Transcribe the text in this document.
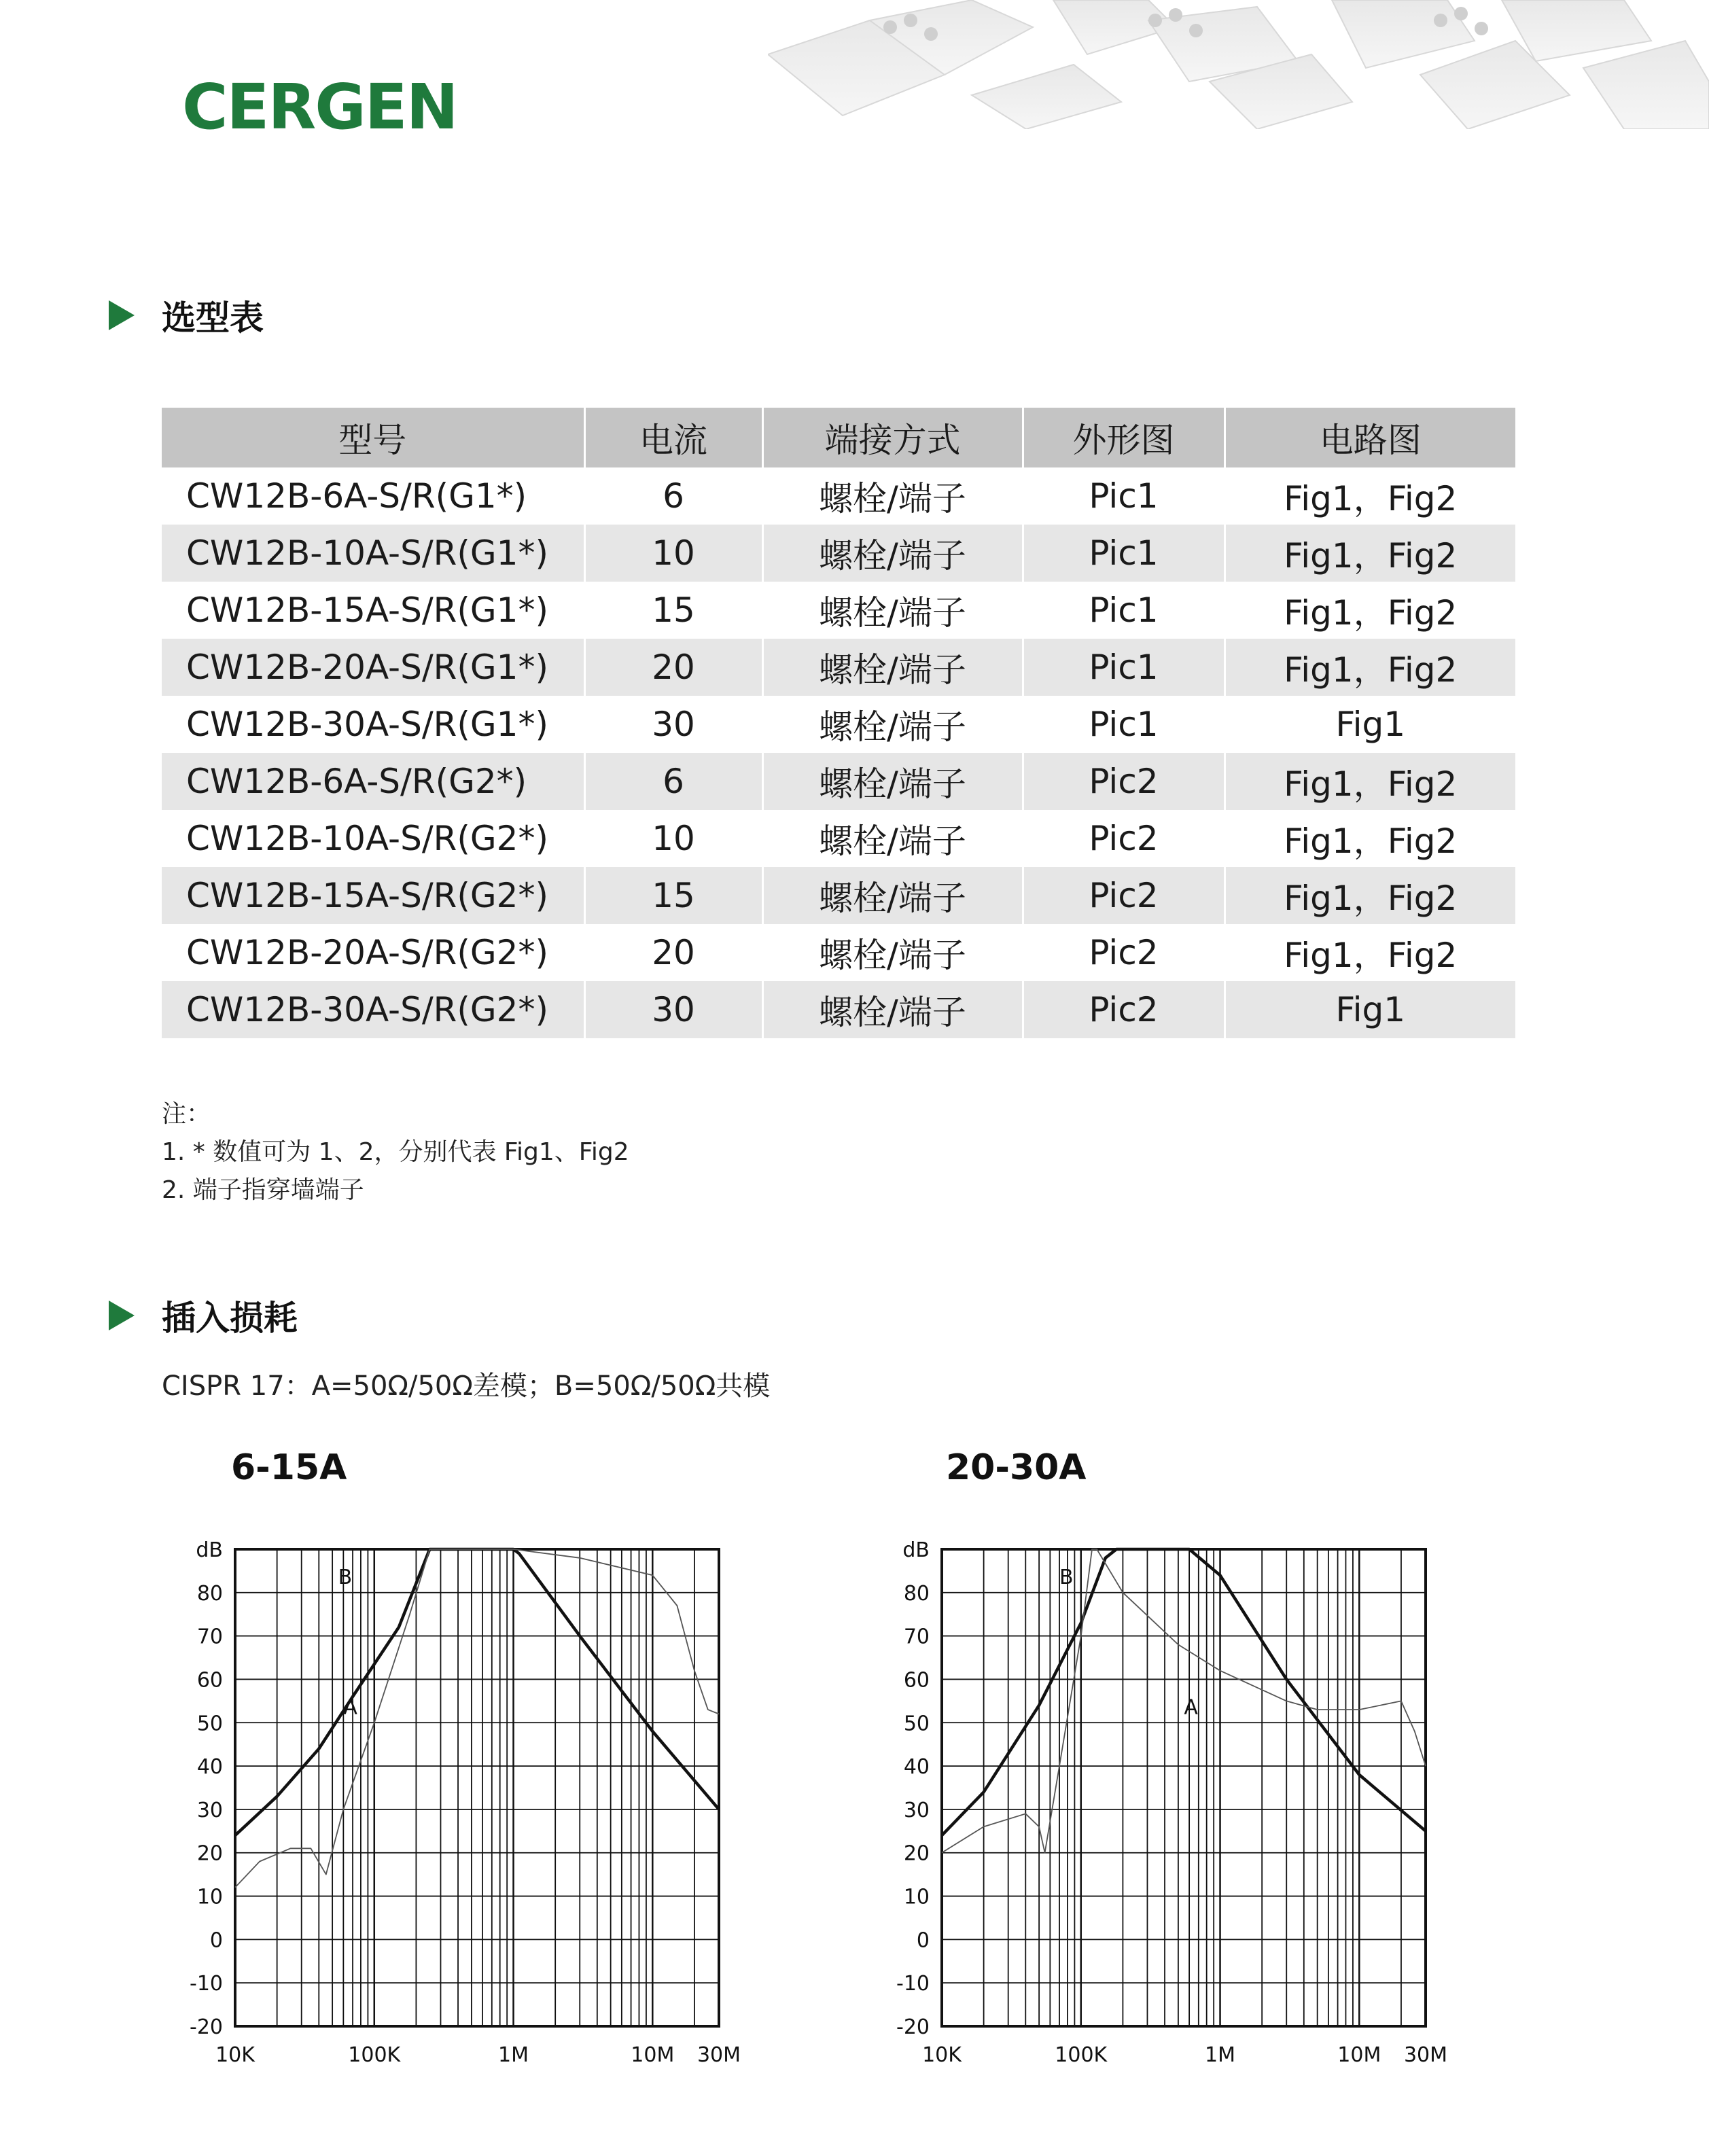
CERGEN
选型表
型号	电流	端接方式	外形图	电路图
CW12B-6A-S/R(G1*)	6	螺栓/端子	Pic1	Fig1，Fig2
CW12B-10A-S/R(G1*)	10	螺栓/端子	Pic1	Fig1，Fig2
CW12B-15A-S/R(G1*)	15	螺栓/端子	Pic1	Fig1，Fig2
CW12B-20A-S/R(G1*)	20	螺栓/端子	Pic1	Fig1，Fig2
CW12B-30A-S/R(G1*)	30	螺栓/端子	Pic1	Fig1
CW12B-6A-S/R(G2*)	6	螺栓/端子	Pic2	Fig1，Fig2
CW12B-10A-S/R(G2*)	10	螺栓/端子	Pic2	Fig1，Fig2
CW12B-15A-S/R(G2*)	15	螺栓/端子	Pic2	Fig1，Fig2
CW12B-20A-S/R(G2*)	20	螺栓/端子	Pic2	Fig1，Fig2
CW12B-30A-S/R(G2*)	30	螺栓/端子	Pic2	Fig1
注：
1. * 数值可为 1、2，分别代表 Fig1、Fig2
2. 端子指穿墙端子
插入损耗
CISPR 17：A=50Ω/50Ω差模；B=50Ω/50Ω共模
6-15A	20-30A
-20
-10
0
10
20
30
40
50
60
70
80
dB
10K	100K	1M	10M 30M
B
A
-20
-10
0
10
20
30
40
50
60
70
80
dB
10K	100K	1M	10M 30M
B
A
